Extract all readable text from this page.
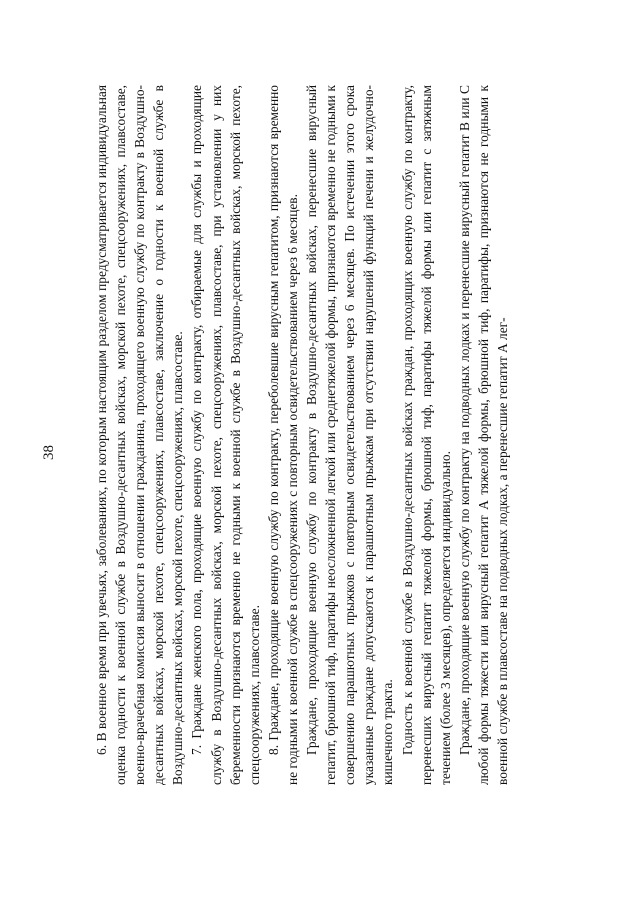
38	6. В военное время при увечьях, заболеваниях, по которым настоящим разделом предусматривается индивидуальная оценка годности к военной службе в Воздушно-десантных войсках, морской пехоте, спецсооружениях, плавсоставе, военно-врачебная комиссия выносит в отношении гражданина, проходящего военную службу по контракту в Воздушно-десантных войсках, морской пехоте, спецсооружениях, плавсоставе, заключение о годности к военной службе в Воздушно-десантных войсках, морской пехоте, спецсооружениях, плавсоставе. 7. Граждане женского пола, проходящие военную службу по контракту, отбираемые для службы и проходящие службу в Воздушно-десантных войсках, морской пехоте, спецсооружениях, плавсоставе, при установлении у них беременности признаются временно не годными к военной службе в Воздушно-десантных войсках, морской пехоте, спецсооружениях, плавсоставе. 8. Граждане, проходящие военную службу по контракту, переболевшие вирусным гепатитом, признаются временно не годными к военной службе в спецсооружениях с повторным освидетельствованием через 6 месяцев. Граждане, проходящие военную службу по контракту в Воздушно-десантных войсках, перенесшие вирусный гепатит, брюшной тиф, паратифы неосложненной легкой или среднетяжелой формы, признаются временно не годными к совершению парашютных прыжков с повторным освидетельствованием через 6 месяцев. По истечении этого срока указанные граждане допускаются к парашютным прыжкам при отсутствии нарушений функций печени и желудочно-кишечного тракта. Годность к военной службе в Воздушно-десантных войсках граждан, проходящих военную службу по контракту, перенесших вирусный гепатит тяжелой формы, брюшной тиф, паратифы тяжелой формы или гепатит с затяжным течением (более 3 месяцев), определяется индивидуально. Граждане, проходящие военную службу по контракту на подводных лодках и перенесшие вирусный гепатит В или С любой формы тяжести или вирусный гепатит А тяжелой формы, брюшной тиф, паратифы, признаются не годными к военной службе в плавсоставе на подводных лодках, а перенесшие гепатит А лег-
